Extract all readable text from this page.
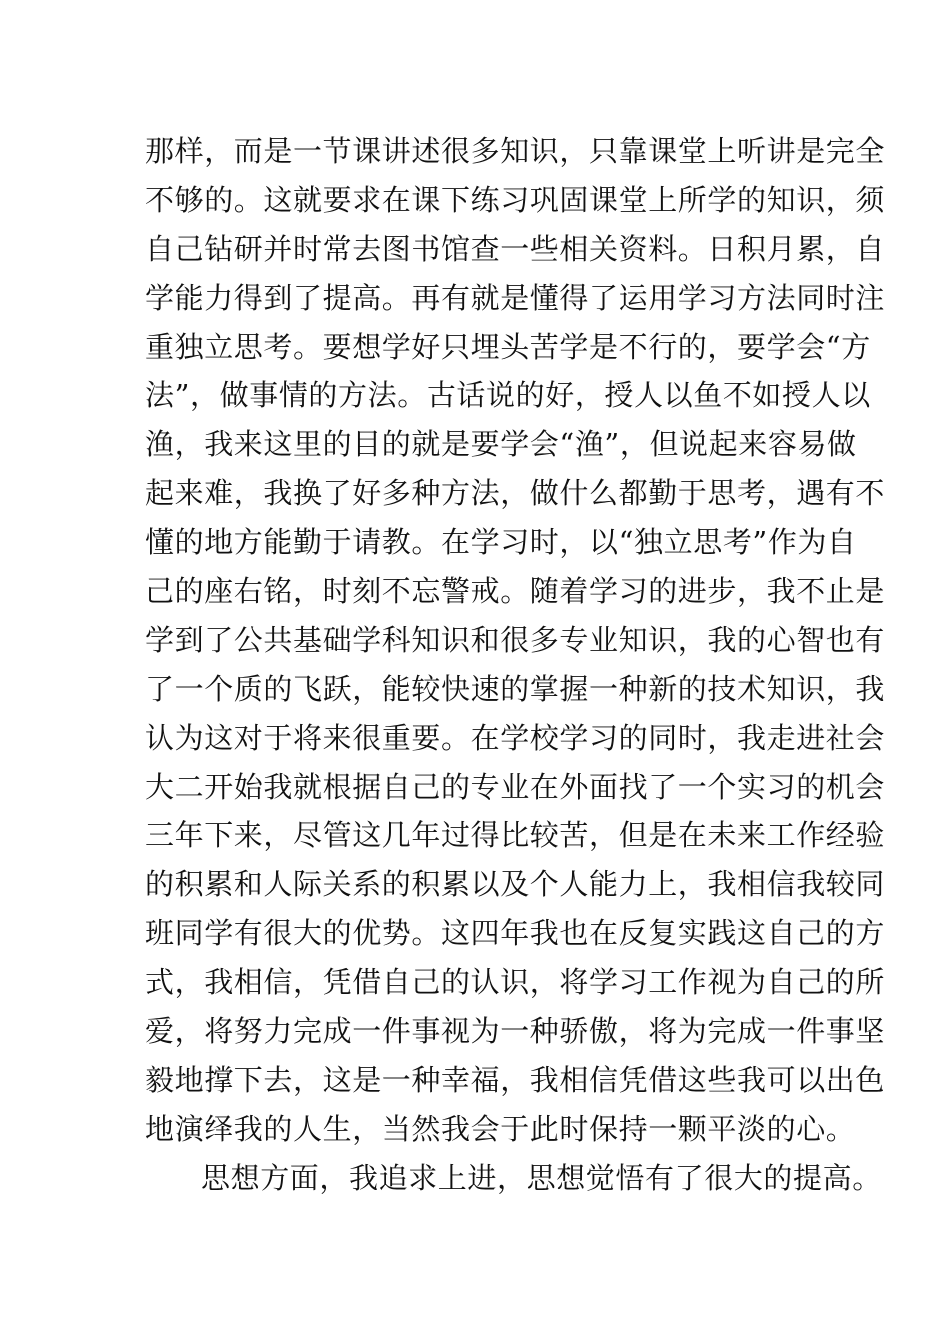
那样，而是一节课讲述很多知识，只靠课堂上听讲是完全
不够的。这就要求在课下练习巩固课堂上所学的知识，须
自己钻研并时常去图书馆查一些相关资料。日积月累，自
学能力得到了提高。再有就是懂得了运用学习方法同时注
重独立思考。要想学好只埋头苦学是不行的，要学会“方
法”，做事情的方法。古话说的好，授人以鱼不如授人以
渔，我来这里的目的就是要学会“渔”，但说起来容易做
起来难，我换了好多种方法，做什么都勤于思考，遇有不
懂的地方能勤于请教。在学习时，以“独立思考”作为自
己的座右铭，时刻不忘警戒。随着学习的进步，我不止是
学到了公共基础学科知识和很多专业知识，我的心智也有
了一个质的飞跃，能较快速的掌握一种新的技术知识，我
认为这对于将来很重要。在学校学习的同时，我走进社会
大二开始我就根据自己的专业在外面找了一个实习的机会
三年下来，尽管这几年过得比较苦，但是在未来工作经验
的积累和人际关系的积累以及个人能力上，我相信我较同
班同学有很大的优势。这四年我也在反复实践这自己的方
式，我相信，凭借自己的认识，将学习工作视为自己的所
爱，将努力完成一件事视为一种骄傲，将为完成一件事坚
毅地撑下去，这是一种幸福，我相信凭借这些我可以出色
地演绎我的人生，当然我会于此时保持一颗平淡的心。
思想方面，我追求上进，思想觉悟有了很大的提高。
